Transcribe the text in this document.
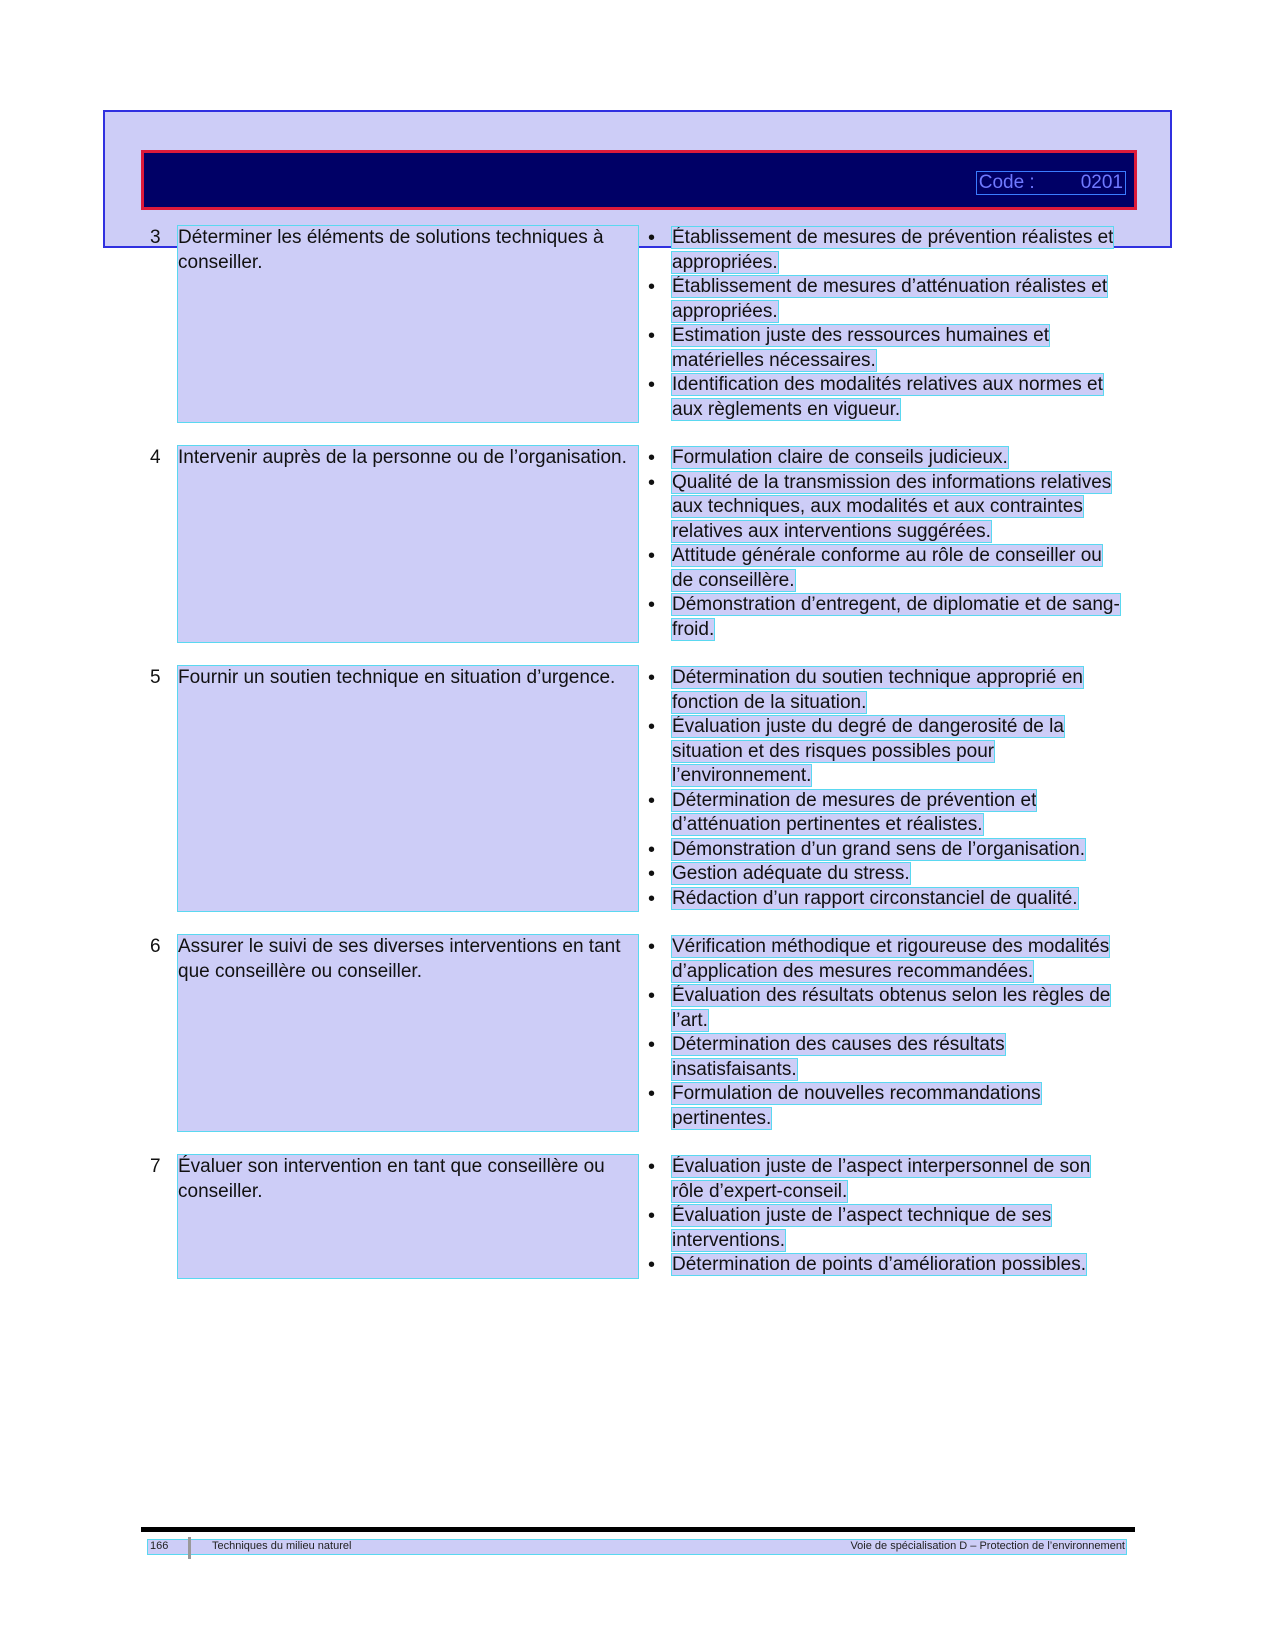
Code : 0201
3 Déterminer les éléments de solutions techniques à conseiller.
• Établissement de mesures de prévention réalistes et appropriées.
• Établissement de mesures d’atténuation réalistes et appropriées.
• Estimation juste des ressources humaines et matérielles nécessaires.
• Identification des modalités relatives aux normes et aux règlements en vigueur.
4 Intervenir auprès de la personne ou de l’organisation.	• Formulation claire de conseils judicieux.
• Qualité de la transmission des informations relatives aux techniques, aux modalités et aux contraintes relatives aux interventions suggérées.
• Attitude générale conforme au rôle de conseiller ou de conseillère.
• Démonstration d’entregent, de diplomatie et de sang-froid.
5 Fournir un soutien technique en situation d’urgence.	• Détermination du soutien technique approprié en fonction de la situation.
• Évaluation juste du degré de dangerosité de la situation et des risques possibles pour l’environnement.
• Détermination de mesures de prévention et d’atténuation pertinentes et réalistes.
• Démonstration d’un grand sens de l’organisation.
• Gestion adéquate du stress.
• Rédaction d’un rapport circonstanciel de qualité.
6 Assurer le suivi de ses diverses interventions en tant que conseillère ou conseiller.
• Vérification méthodique et rigoureuse des modalités d’application des mesures recommandées.
• Évaluation des résultats obtenus selon les règles de l’art.
• Détermination des causes des résultats insatisfaisants.
• Formulation de nouvelles recommandations pertinentes.
7 Évaluer son intervention en tant que conseillère ou conseiller.
• Évaluation juste de l’aspect interpersonnel de son rôle d’expert-conseil.
• Évaluation juste de l’aspect technique de ses interventions.
• Détermination de points d’amélioration possibles.
166	Techniques du milieu naturel	Voie de spécialisation D – Protection de l’environnement
